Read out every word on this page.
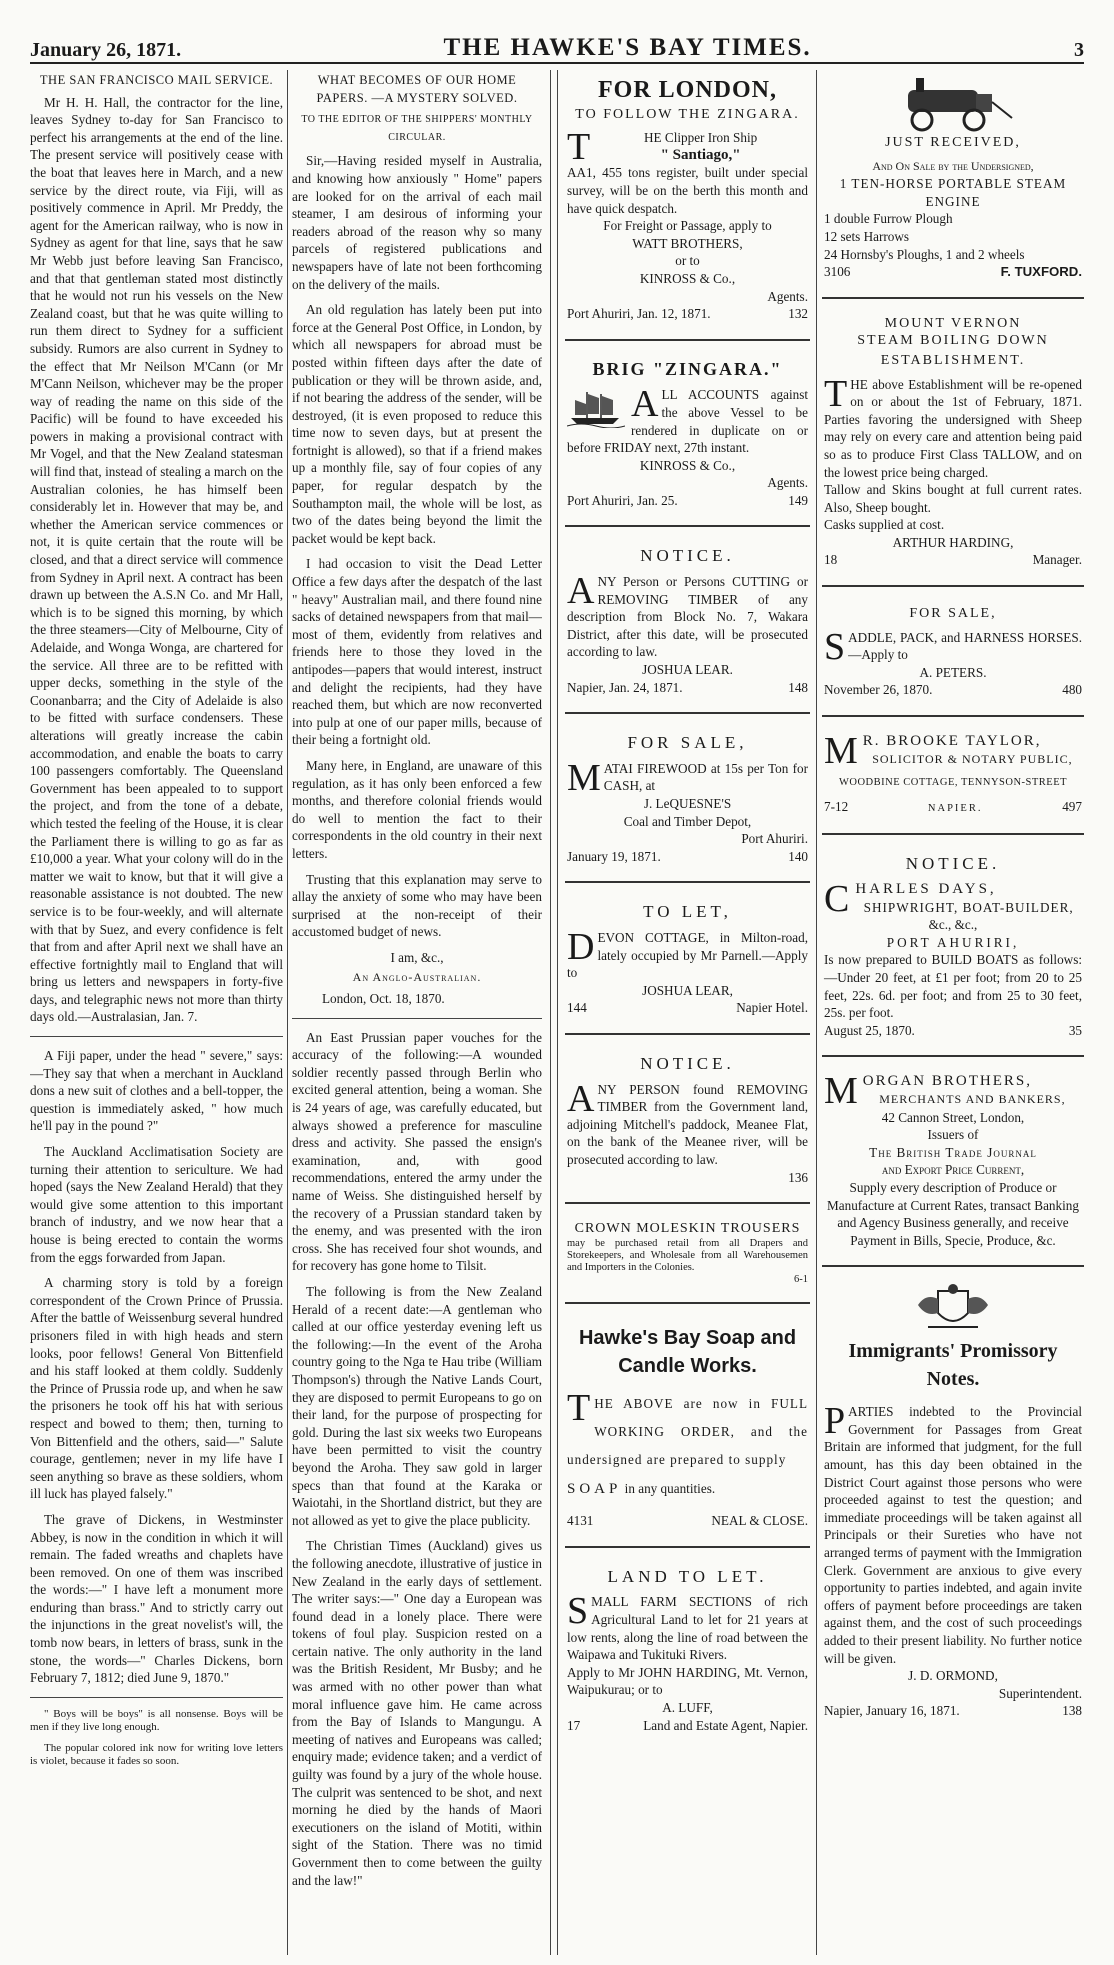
January 26, 1871.	THE HAWKE'S BAY TIMES.	3
THE SAN FRANCISCO MAIL SERVICE.

Mr H. H. Hall, the contractor for the line, leaves Sydney to-day for San Francisco to perfect his arrangements at the end of the line. The present service will positively cease with the boat that leaves here in March, and a new service by the direct route, via Fiji, will as positively commence in April. Mr Preddy, the agent for the American railway, who is now in Sydney as agent for that line, says that he saw Mr Webb just before leaving San Francisco, and that that gentleman stated most distinctly that he would not run his vessels on the New Zealand coast, but that he was quite willing to run them direct to Sydney for a sufficient subsidy. Rumors are also current in Sydney to the effect that Mr Neilson M'Cann (or Mr M'Cann Neilson, whichever may be the proper way of reading the name on this side of the Pacific) will be found to have exceeded his powers in making a provisional contract with Mr Vogel, and that the New Zealand statesman will find that, instead of stealing a march on the Australian colonies, he has himself been considerably let in. However that may be, and whether the American service commences or not, it is quite certain that the route will be closed, and that a direct service will commence from Sydney in April next. A contract has been drawn up between the A.S.N Co. and Mr Hall, which is to be signed this morning, by which the three steamers—City of Melbourne, City of Adelaide, and Wonga Wonga, are chartered for the service. All three are to be refitted with upper decks, something in the style of the Coonanbarra; and the City of Adelaide is also to be fitted with surface condensers. These alterations will greatly increase the cabin accommodation, and enable the boats to carry 100 passengers comfortably. The Queensland Government has been appealed to to support the project, and from the tone of a debate, which tested the feeling of the House, it is clear the Parliament there is willing to go as far as £10,000 a year. What your colony will do in the matter we wait to know, but that it will give a reasonable assistance is not doubted. The new service is to be four-weekly, and will alternate with that by Suez, and every confidence is felt that from and after April next we shall have an effective fortnightly mail to England that will bring us letters and newspapers in forty-five days, and telegraphic news not more than thirty days old.—Australasian, Jan. 7.

A Fiji paper, under the head " severe," says:—They say that when a merchant in Auckland dons a new suit of clothes and a bell-topper, the question is immediately asked, " how much he'll pay in the pound ?"

The Auckland Acclimatisation Society are turning their attention to sericulture. We had hoped (says the New Zealand Herald) that they would give some attention to this important branch of industry, and we now hear that a house is being erected to contain the worms from the eggs forwarded from Japan.

A charming story is told by a foreign correspondent of the Crown Prince of Prussia. After the battle of Weissenburg several hundred prisoners filed in with high heads and stern looks, poor fellows! General Von Bittenfield and his staff looked at them coldly. Suddenly the Prince of Prussia rode up, and when he saw the prisoners he took off his hat with serious respect and bowed to them; then, turning to Von Bittenfield and the others, said—" Salute courage, gentlemen; never in my life have I seen anything so brave as these soldiers, whom ill luck has played falsely."

The grave of Dickens, in Westminster Abbey, is now in the condition in which it will remain. The faded wreaths and chaplets have been removed. On one of them was inscribed the words:—" I have left a monument more enduring than brass." And to strictly carry out the injunctions in the great novelist's will, the tomb now bears, in letters of brass, sunk in the stone, the words—" Charles Dickens, born February 7, 1812; died June 9, 1870."

" Boys will be boys" is all nonsense. Boys will be men if they live long enough.
The popular colored ink now for writing love letters is violet, because it fades so soon.
WHAT BECOMES OF OUR HOME PAPERS. —A MYSTERY SOLVED.
TO THE EDITOR OF THE SHIPPERS' MONTHLY CIRCULAR.

Sir,—Having resided myself in Australia, and knowing how anxiously " Home" papers are looked for on the arrival of each mail steamer, I am desirous of informing your readers abroad of the reason why so many parcels of registered publications and newspapers have of late not been forthcoming on the delivery of the mails.

An old regulation has lately been put into force at the General Post Office, in London, by which all newspapers for abroad must be posted within fifteen days after the date of publication or they will be thrown aside, and, if not bearing the address of the sender, will be destroyed, (it is even proposed to reduce this time now to seven days, but at present the fortnight is allowed), so that if a friend makes up a monthly file, say of four copies of any paper, for regular despatch by the Southampton mail, the whole will be lost, as two of the dates being beyond the limit the packet would be kept back.

I had occasion to visit the Dead Letter Office a few days after the despatch of the last " heavy" Australian mail, and there found nine sacks of detained newspapers from that mail—most of them, evidently from relatives and friends here to those they loved in the antipodes—papers that would interest, instruct and delight the recipients, had they have reached them, but which are now reconverted into pulp at one of our paper mills, because of their being a fortnight old.

Many here, in England, are unaware of this regulation, as it has only been enforced a few months, and therefore colonial friends would do well to mention the fact to their correspondents in the old country in their next letters.

Trusting that this explanation may serve to allay the anxiety of some who may have been surprised at the non-receipt of their accustomed budget of news.

I am, &c.,
An Anglo-Australian.
London, Oct. 18, 1870.

An East Prussian paper vouches for the accuracy of the following:—A wounded soldier recently passed through Berlin who excited general attention, being a woman. She is 24 years of age, was carefully educated, but always showed a preference for masculine dress and activity. She passed the ensign's examination, and, with good recommendations, entered the army under the name of Weiss. She distinguished herself by the recovery of a Prussian standard taken by the enemy, and was presented with the iron cross. She has received four shot wounds, and for recovery has gone home to Tilsit.

The following is from the New Zealand Herald of a recent date:—A gentleman who called at our office yesterday evening left us the following:—In the event of the Aroha country going to the Nga te Hau tribe (William Thompson's) through the Native Lands Court, they are disposed to permit Europeans to go on their land, for the purpose of prospecting for gold. During the last six weeks two Europeans have been permitted to visit the country beyond the Aroha. They saw gold in larger specs than that found at the Karaka or Waiotahi, in the Shortland district, but they are not allowed as yet to give the place publicity.

The Christian Times (Auckland) gives us the following anecdote, illustrative of justice in New Zealand in the early days of settlement. The writer says:—" One day a European was found dead in a lonely place. There were tokens of foul play. Suspicion rested on a certain native. The only authority in the land was the British Resident, Mr Busby; and he was armed with no other power than what moral influence gave him. He came across from the Bay of Islands to Mangungu. A meeting of natives and Europeans was called; enquiry made; evidence taken; and a verdict of guilty was found by a jury of the whole house. The culprit was sentenced to be shot, and next morning he died by the hands of Maori executioners on the island of Motiti, within sight of the Station. There was no timid Government then to come between the guilty and the law!"

FOR LONDON,
TO FOLLOW THE ZINGARA.
THE Clipper Iron Ship
" Santiago,"

AA1, 455 tons register, built under special survey, will be on the berth this month and have quick despatch.

For Freight or Passage, apply to
WATT BROTHERS,
or to
KINROSS & Co.,
Agents.
Port Ahuriri, Jan. 12, 1871.	132
BRIG "ZINGARA."

ALL ACCOUNTS against the above Vessel to be rendered in duplicate on or before FRIDAY next, 27th instant.

KINROSS & Co.,
Agents.
Port Ahuriri, Jan. 25.	149
NOTICE.

ANY Person or Persons CUTTING or REMOVING TIMBER of any description from Block No. 7, Wakara District, after this date, will be prosecuted according to law.

JOSHUA LEAR.
Napier, Jan. 24, 1871.	148
FOR SALE,

MATAI FIREWOOD at 15s per Ton for CASH, at

J. LeQUESNE'S
Coal and Timber Depot,
Port Ahuriri.
January 19, 1871.	140
TO LET,

DEVON COTTAGE, in Milton-road, lately occupied by Mr Parnell.—Apply to

JOSHUA LEAR,
144	Napier Hotel.
NOTICE.

ANY PERSON found REMOVING TIMBER from the Government land, adjoining Mitchell's paddock, Meanee Flat, on the bank of the Meanee river, will be prosecuted according to law.

136
CROWN MOLESKIN TROUSERS

may be purchased retail from all Drapers and Storekeepers, and Wholesale from all Warehousemen and Importers in the Colonies.

6-1
Hawke's Bay Soap and Candle Works.

THE ABOVE are now in FULL WORKING ORDER, and the undersigned are prepared to supply

SOAP in any quantities.
4131	NEAL & CLOSE.
LAND TO LET.

SMALL FARM SECTIONS of rich Agricultural Land to let for 21 years at low rents, along the line of road between the Waipawa and Tukituki Rivers.

Apply to Mr JOHN HARDING, Mt. Vernon, Waipukurau; or to

A. LUFF,
17	Land and Estate Agent, Napier.
JUST RECEIVED,
And On Sale by the Undersigned,
1 TEN-HORSE PORTABLE STEAM ENGINE
1 double Furrow Plough
12 sets Harrows
24 Hornsby's Ploughs, 1 and 2 wheels
3106	F. TUXFORD.
MOUNT VERNON
STEAM BOILING DOWN
ESTABLISHMENT.

THE above Establishment will be re-opened on or about the 1st of February, 1871. Parties favoring the undersigned with Sheep may rely on every care and attention being paid so as to produce First Class TALLOW, and on the lowest price being charged.

Tallow and Skins bought at full current rates. Also, Sheep bought.

Casks supplied at cost.

ARTHUR HARDING,
18	Manager.
FOR SALE,

SADDLE, PACK, and HARNESS HORSES.—Apply to

A. PETERS.
November 26, 1870.	480
MR. BROOKE TAYLOR,
SOLICITOR & NOTARY PUBLIC,
WOODBINE COTTAGE, TENNYSON-STREET
7-12	NAPIER.	497
NOTICE.
CHARLES DAYS,
SHIPWRIGHT, BOAT-BUILDER,
&c., &c.,
PORT AHURIRI,

Is now prepared to BUILD BOATS as follows:—Under 20 feet, at £1 per foot; from 20 to 25 feet, 22s. 6d. per foot; and from 25 to 30 feet, 25s. per foot.

August 25, 1870.	35
MORGAN BROTHERS,
MERCHANTS AND BANKERS,
42 Cannon Street, London,
Issuers of
The British Trade Journal
and Export Price Current,

Supply every description of Produce or Manufacture at Current Rates, transact Banking and Agency Business generally, and receive Payment in Bills, Specie, Produce, &c.

Immigrants' Promissory Notes.

PARTIES indebted to the Provincial Government for Passages from Great Britain are informed that judgment, for the full amount, has this day been obtained in the District Court against those persons who were proceeded against to test the question; and immediate proceedings will be taken against all Principals or their Sureties who have not arranged terms of payment with the Immigration Clerk. Government are anxious to give every opportunity to parties indebted, and again invite offers of payment before proceedings are taken against them, and the cost of such proceedings added to their present liability. No further notice will be given.

J. D. ORMOND,
Superintendent.
Napier, January 16, 1871.	138
